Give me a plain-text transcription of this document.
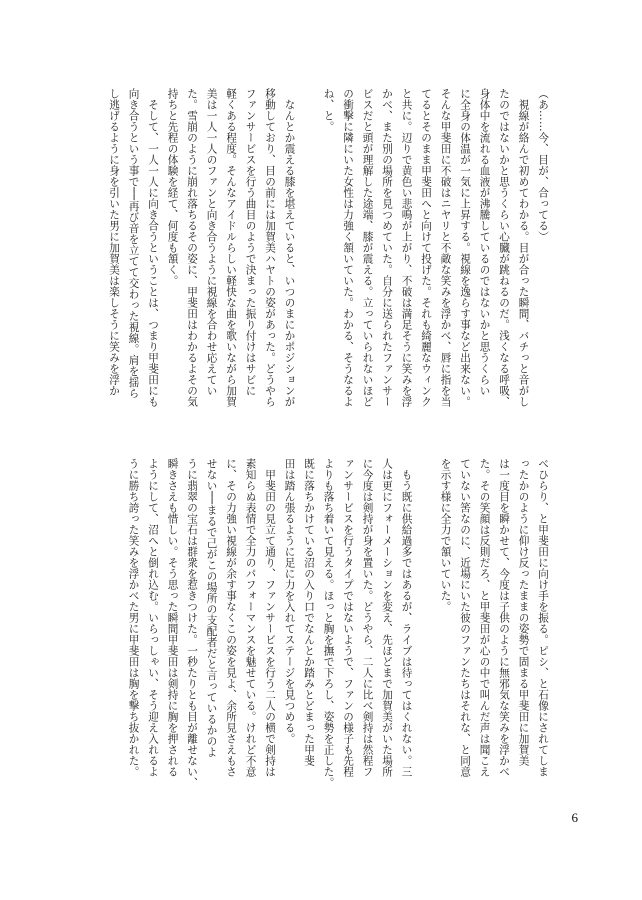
（あ……今、目が、合ってる）

　視線が絡んで初めてわかる。目が合った瞬間、バチっと音がし

たのではないかと思うくらい心臓が跳ねるのだ。浅くなる呼吸、

身体中を流れる血液が沸騰しているのではないかと思うくらい

に全身の体温が一気に上昇する。視線を逸らす事など出来ない。

そんな甲斐田に不破はニヤリと不敵な笑みを浮かべ、唇に指を当

てるとそのまま甲斐田へと向けて投げた。それも綺麗なウィンク

と共に。辺りで黄色い悲鳴が上がり、不破は満足そうに笑みを浮

かべ、また別の場所を見つめていた。自分に送られたファンサー

ビスだと頭が理解した途端、膝が震える。立っていられないほど

の衝撃に隣にいた女性は力強く頷いていた。わかる、そうなるよ

ね、と。

　なんとか震える膝を堪えていると、いつのまにかポジションが

移動しており、目の前には加賀美ハヤトの姿があった。どうやら

ファンサービスを行う曲目のようで決まった振り付けはサビに

軽くある程度。そんなアイドルらしい軽快な曲を歌いながら加賀

美は一人一人のファンと向き合うように視線を合わせ応えてい

た。雪崩のように崩れ落ちるその姿に、甲斐田はわかるよその気

持ちと先程の体験を経て、何度も頷く。

　そして、一人一人に向き合うということは、つまり甲斐田にも

向き合うという事で──再び音を立てて交わった視線。肩を揺ら

し逃げるように身を引いた男に加賀美は楽しそうに笑みを浮か

べひらり、と甲斐田に向け手を振る。ピシ、と石像にされてしま

ったかのように仰け反ったままの姿勢で固まる甲斐田に加賀美

は一度目を瞬かせて、今度は子供のように無邪気な笑みを浮かべ

た。その笑顔は反則だろ、と甲斐田が心の中で叫んだ声は聞こえ

ていない筈なのに、近場にいた彼のファンたちはそれな、と同意

を示す様に全力で頷いていた。

　もう既に供給過多ではあるが、ライブは待ってはくれない。三

人は更にフォーメーションを変え、先ほどまで加賀美がいた場所

に今度は剣持が身を置いた。どうやら、二人に比べ剣持は然程フ

ァンサービスを行うタイプではないようで、ファンの様子も先程

よりも落ち着いて見える。ほっと胸を撫で下ろし、姿勢を正した。

既に落ちかけている沼の入り口でなんとか踏みとどまった甲斐

田は踏ん張るように足に力を入れてステージを見つめる。

　甲斐田の見立て通り、ファンサービスを行う二人の横で剣持は

素知らぬ表情で全力のパフォーマンスを魅せている。けれど不意

に、その力強い視線が余す事なくこの姿を見よ、余所見さえもさ

せない──まるで己がこの場所の支配者だと言っているかのよ

うに翡翠の宝石は群衆を惹きつけた。一秒たりとも目が離せない、

瞬きさえも惜しい。そう思った瞬間甲斐田は剣持に胸を押される

ようにして、沼へと倒れ込む。いらっしゃい、そう迎え入れるよ

うに勝ち誇った笑みを浮かべた男に甲斐田は胸を撃ち抜かれた。

6
